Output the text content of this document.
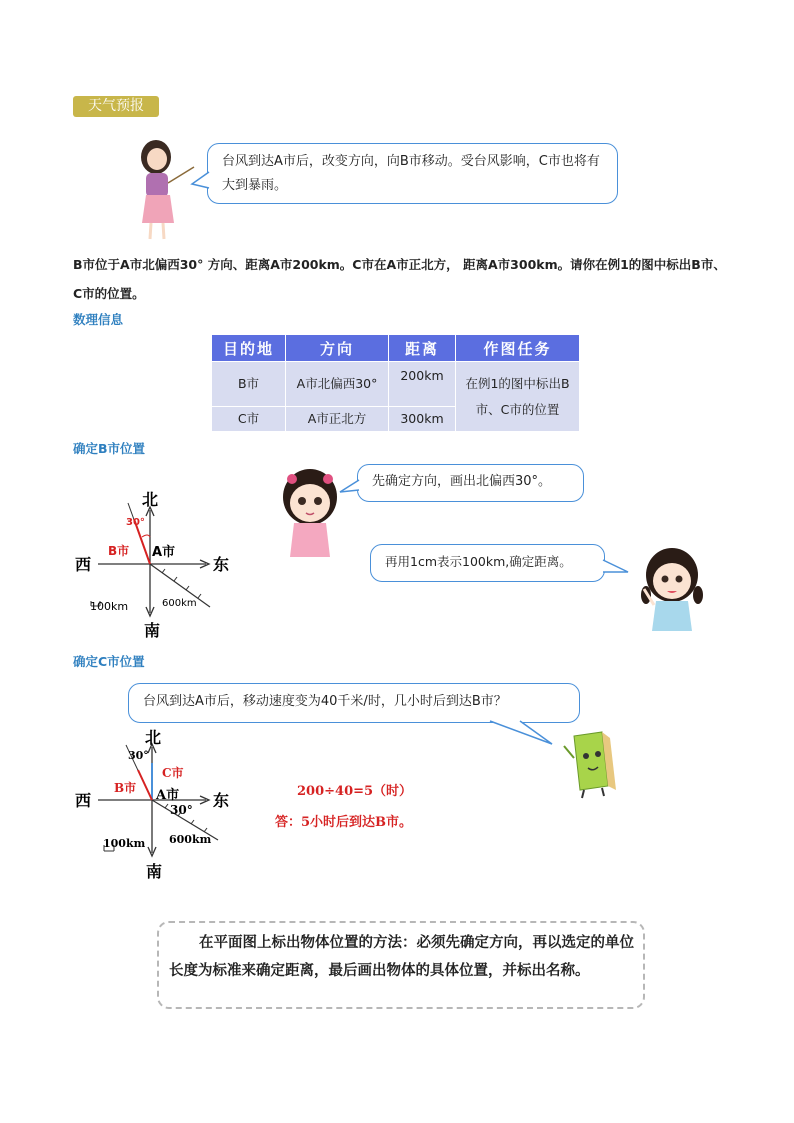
天气预报
台风到达A市后，改变方向，向B市移动。受台风影响，C市也将有大到暴雨。
B市位于A市北偏西30° 方向、距离A市200km。C市在A市正北方， 距离A市300km。请你在例1的图中标出B市、C市的位置。
数理信息
目的地	方向	距离	作图任务
B市	A市北偏西30°	200km	在例1的图中标出B市、C市的位置
C市	A市正北方	300km	
确定B市位置
北
南
西	东
30°
B市 A市
100km	600km
先确定方向，画出北偏西30°。
再用1cm表示100km,确定距离。
确定C市位置
台风到达A市后，移动速度变为40千米/时，几小时后到达B市？
北
南
西	东
30°
30°
B市 A市
C市
100km 600km
200÷40=5（时）
答：5小时后到达B市。
在平面图上标出物体位置的方法：必须先确定方向，再以选定的单位长度为标准来确定距离，最后画出物体的具体位置，并标出名称。
